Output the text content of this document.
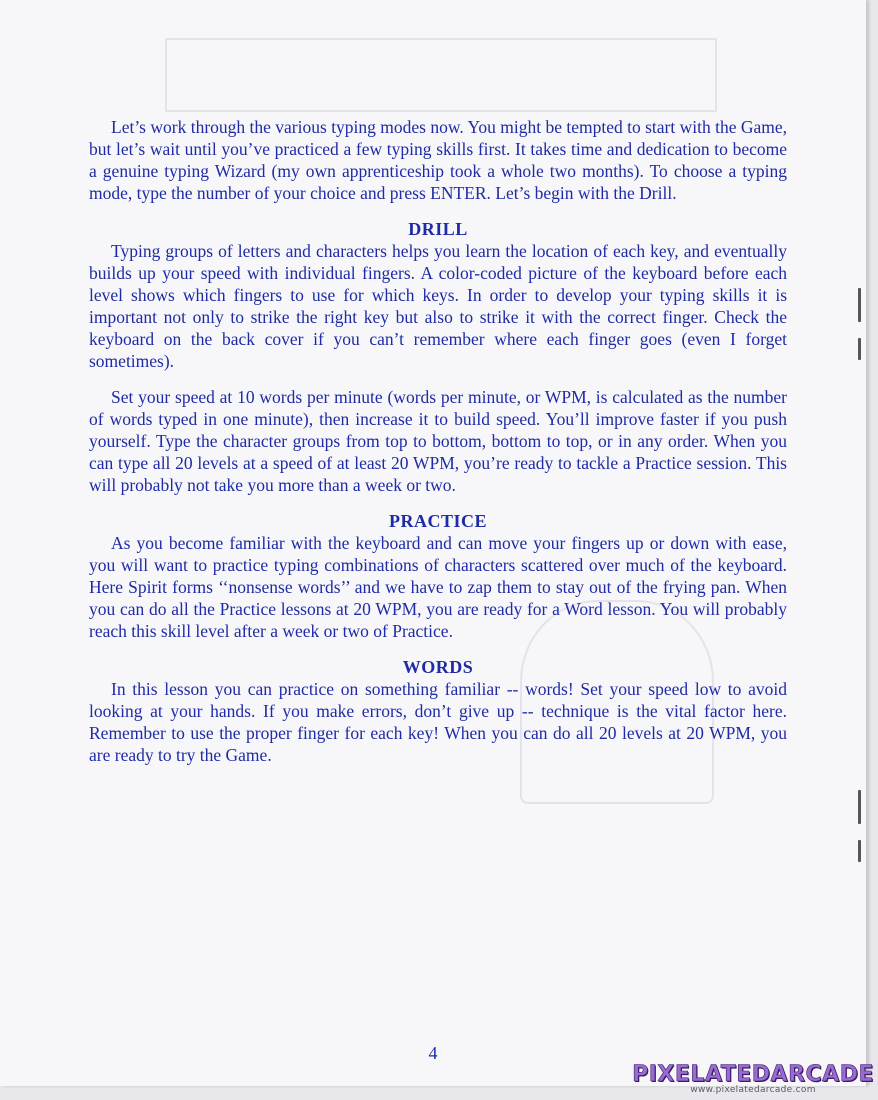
Let’s work through the various typing modes now. You might be tempted to start with the Game, but let’s wait until you’ve practiced a few typing skills first. It takes time and dedication to become a genuine typing Wizard (my own apprenticeship took a whole two months). To choose a typing mode, type the number of your choice and press ENTER. Let’s begin with the Drill.

DRILL

Typing groups of letters and characters helps you learn the location of each key, and eventually builds up your speed with individual fingers. A color-coded picture of the keyboard before each level shows which fingers to use for which keys. In order to develop your typing skills it is important not only to strike the right key but also to strike it with the correct finger. Check the keyboard on the back cover if you can’t remember where each finger goes (even I forget sometimes).

Set your speed at 10 words per minute (words per minute, or WPM, is calculated as the number of words typed in one minute), then increase it to build speed. You’ll improve faster if you push yourself. Type the character groups from top to bottom, bottom to top, or in any order. When you can type all 20 levels at a speed of at least 20 WPM, you’re ready to tackle a Practice session. This will probably not take you more than a week or two.

PRACTICE

As you become familiar with the keyboard and can move your fingers up or down with ease, you will want to practice typing combinations of characters scattered over much of the keyboard. Here Spirit forms ‘‘nonsense words’’ and we have to zap them to stay out of the frying pan. When you can do all the Practice lessons at 20 WPM, you are ready for a Word lesson. You will probably reach this skill level after a week or two of Practice.

WORDS

In this lesson you can practice on something familiar -- words! Set your speed low to avoid looking at your hands. If you make errors, don’t give up -- technique is the vital factor here. Remember to use the proper finger for each key! When you can do all 20 levels at 20 WPM, you are ready to try the Game.

4
PIXELATEDARCADE
www.pixelatedarcade.com
